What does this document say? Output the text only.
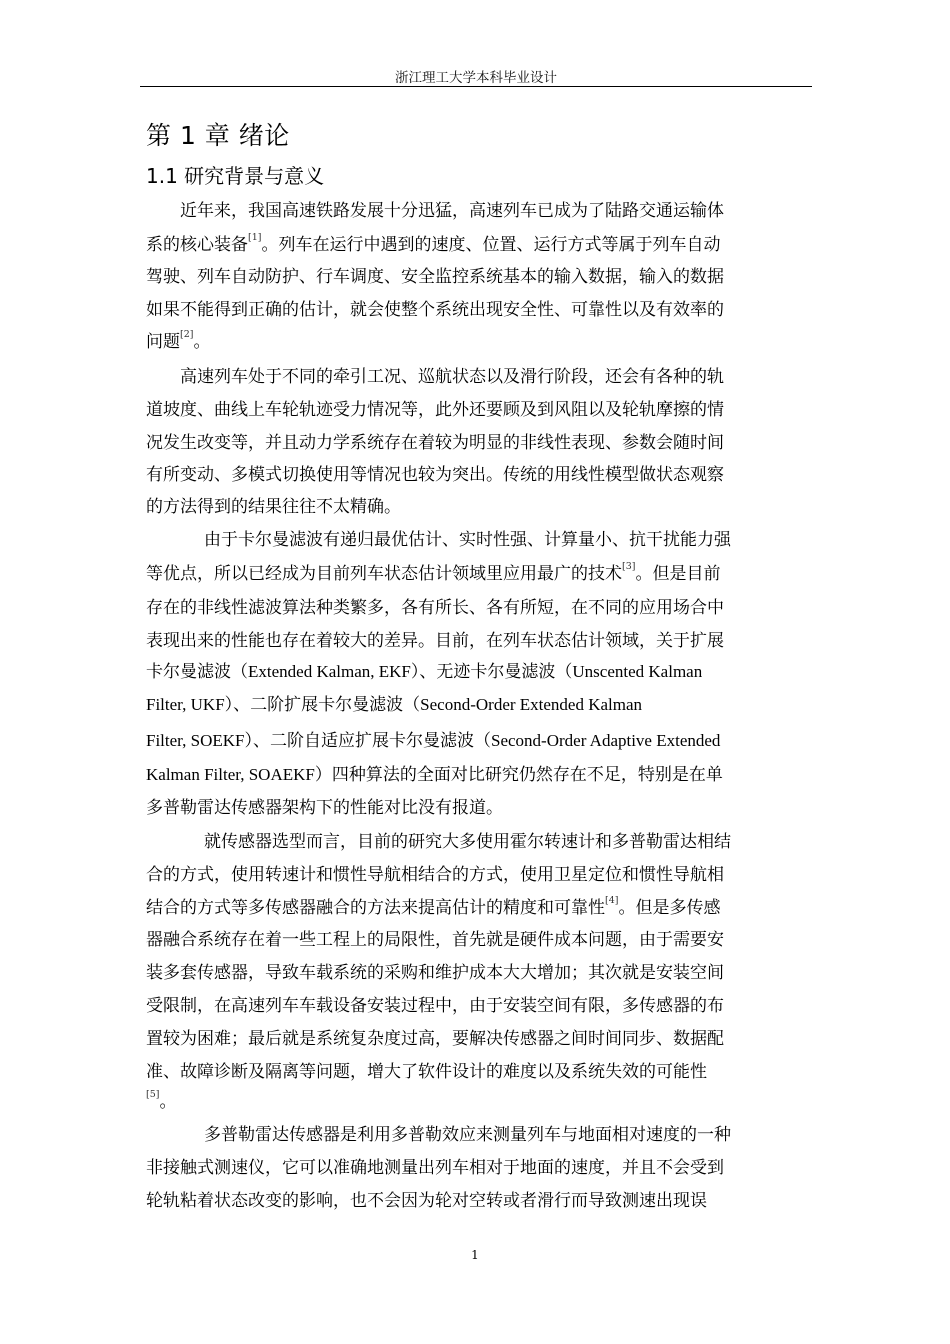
浙江理工大学本科毕业设计
第 1 章 绪论
1.1 研究背景与意义
近年来，我国高速铁路发展十分迅猛，高速列车已成为了陆路交通运输体
系的核心装备[1]。列车在运行中遇到的速度、位置、运行方式等属于列车自动
驾驶、列车自动防护、行车调度、安全监控系统基本的输入数据，输入的数据
如果不能得到正确的估计，就会使整个系统出现安全性、可靠性以及有效率的
问题[2]。
高速列车处于不同的牵引工况、巡航状态以及滑行阶段，还会有各种的轨
道坡度、曲线上车轮轨迹受力情况等，此外还要顾及到风阻以及轮轨摩擦的情
况发生改变等，并且动力学系统存在着较为明显的非线性表现、参数会随时间
有所变动、多模式切换使用等情况也较为突出。传统的用线性模型做状态观察
的方法得到的结果往往不太精确。
由于卡尔曼滤波有递归最优估计、实时性强、计算量小、抗干扰能力强
等优点，所以已经成为目前列车状态估计领域里应用最广的技术[3]。但是目前
存在的非线性滤波算法种类繁多，各有所长、各有所短，在不同的应用场合中
表现出来的性能也存在着较大的差异。目前，在列车状态估计领域，关于扩展
卡尔曼滤波（Extended Kalman, EKF）、无迹卡尔曼滤波（Unscented Kalman
Filter, UKF）、二阶扩展卡尔曼滤波（Second-Order Extended Kalman
Filter, SOEKF）、二阶自适应扩展卡尔曼滤波（Second-Order Adaptive Extended
Kalman Filter, SOAEKF）四种算法的全面对比研究仍然存在不足，特别是在单
多普勒雷达传感器架构下的性能对比没有报道。
就传感器选型而言，目前的研究大多使用霍尔转速计和多普勒雷达相结
合的方式，使用转速计和惯性导航相结合的方式，使用卫星定位和惯性导航相
结合的方式等多传感器融合的方法来提高估计的精度和可靠性[4]。但是多传感
器融合系统存在着一些工程上的局限性，首先就是硬件成本问题，由于需要安
装多套传感器，导致车载系统的采购和维护成本大大增加；其次就是安装空间
受限制，在高速列车车载设备安装过程中，由于安装空间有限，多传感器的布
置较为困难；最后就是系统复杂度过高，要解决传感器之间时间同步、数据配
准、故障诊断及隔离等问题，增大了软件设计的难度以及系统失效的可能性
[5]。
多普勒雷达传感器是利用多普勒效应来测量列车与地面相对速度的一种
非接触式测速仪，它可以准确地测量出列车相对于地面的速度，并且不会受到
轮轨粘着状态改变的影响，也不会因为轮对空转或者滑行而导致测速出现误
1
